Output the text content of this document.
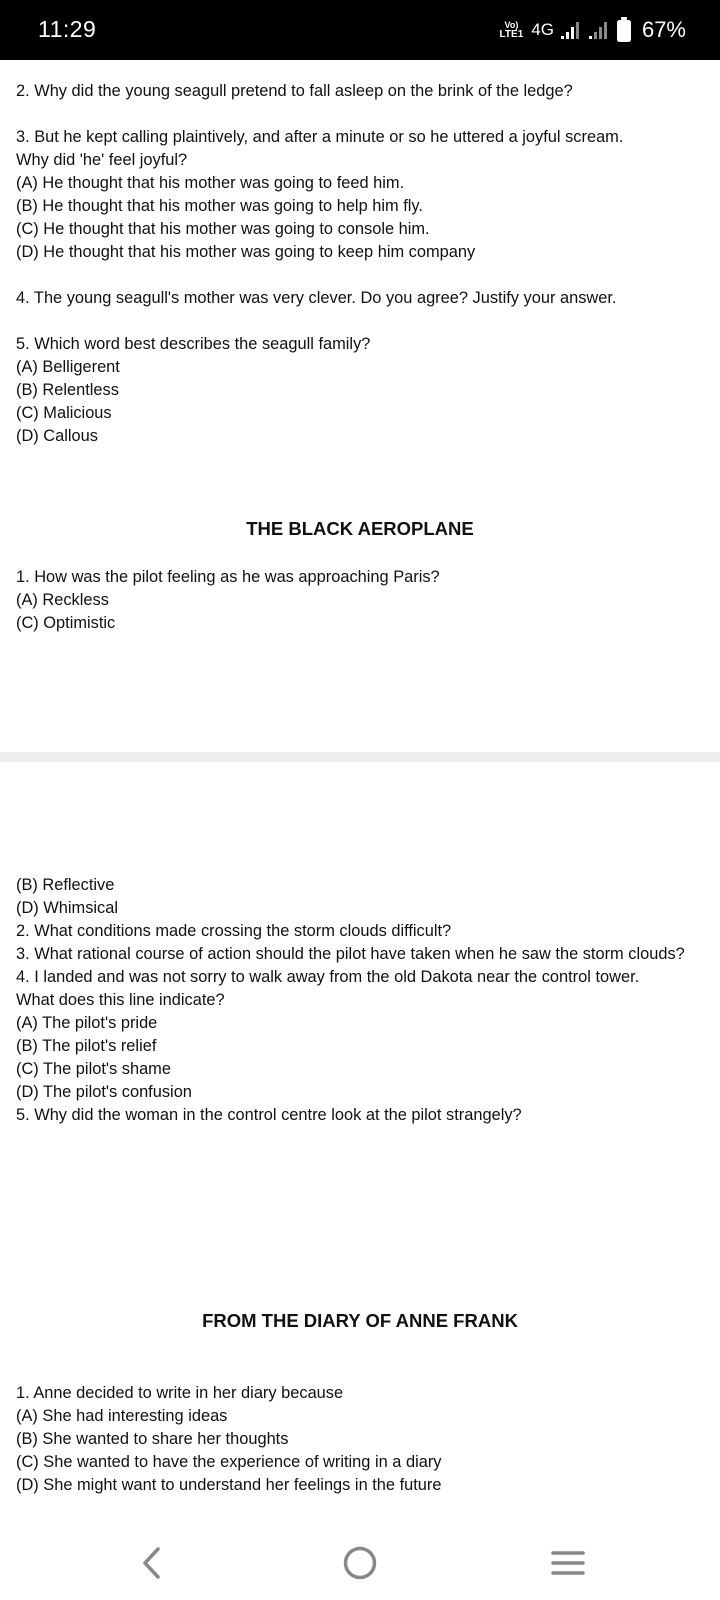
11:29	Vo)
LTE1 4G	67%
2. Why did the young seagull pretend to fall asleep on the brink of the ledge?
3. But he kept calling plaintively, and after a minute or so he uttered a joyful scream.
Why did 'he' feel joyful?
(A) He thought that his mother was going to feed him.
(B) He thought that his mother was going to help him fly.
(C) He thought that his mother was going to console him.
(D) He thought that his mother was going to keep him company
4. The young seagull's mother was very clever. Do you agree? Justify your answer.
5. Which word best describes the seagull family?
(A) Belligerent
(B) Relentless
(C) Malicious
(D) Callous
THE BLACK AEROPLANE
1. How was the pilot feeling as he was approaching Paris?
(A) Reckless
(C) Optimistic
(B) Reflective
(D) Whimsical
2. What conditions made crossing the storm clouds difficult?
3. What rational course of action should the pilot have taken when he saw the storm clouds?
4. I landed and was not sorry to walk away from the old Dakota near the control tower.
What does this line indicate?
(A) The pilot's pride
(B) The pilot's relief
(C) The pilot's shame
(D) The pilot's confusion
5. Why did the woman in the control centre look at the pilot strangely?
FROM THE DIARY OF ANNE FRANK
1. Anne decided to write in her diary because
(A) She had interesting ideas
(B) She wanted to share her thoughts
(C) She wanted to have the experience of writing in a diary
(D) She might want to understand her feelings in the future
